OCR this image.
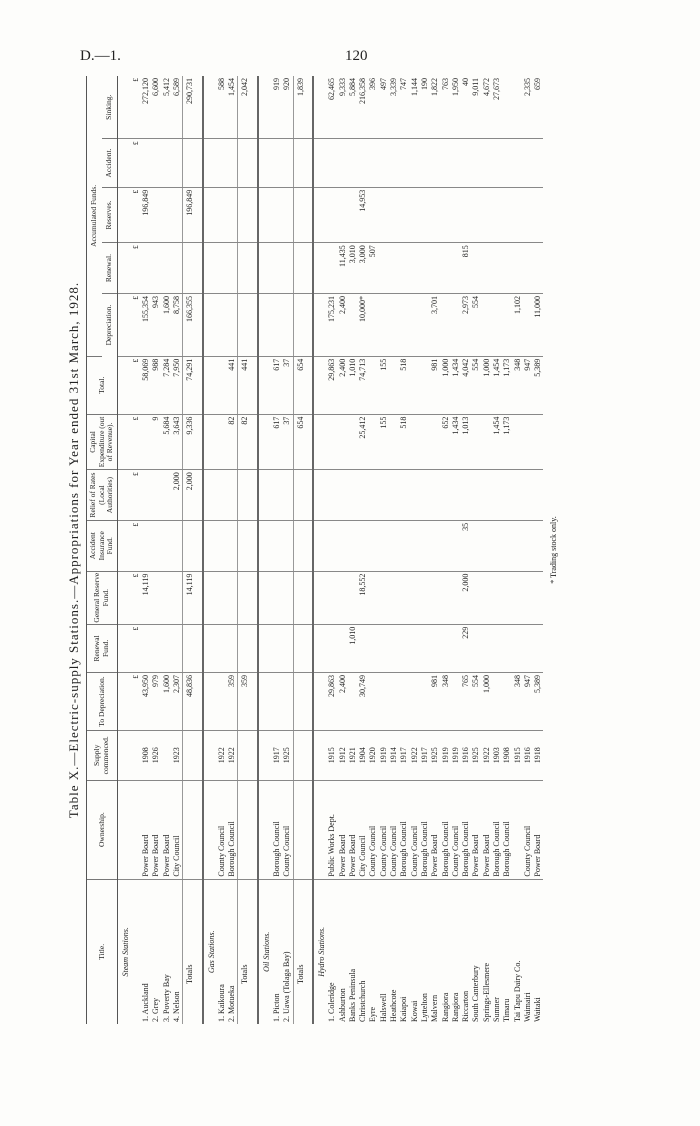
D.—1.	120
Table X.—Electric-supply Stations.—Appropriations for Year ended 31st March, 1928.
Title.	Ownership.	Supply commenced.	To Depreciation.	Renewal Fund.	General Reserve Fund.	Accident Insurance Fund.	Relief of Rates (Local Authorities)	Capital Expenditure (out of Revenue).	Total.	Accumulated Funds.				
										Depreciation.	Renewal.	Reserves.	Accident.	Sinking.
Steam Stations.														
			£	£	£	£	£	£	£	£	£	£	£	£
1. Auckland	Power Board	1908	43,950		14,119				58,069	155,354		196,849		272,120
2. Grey	Power Board	1926	979					9	988	943				6,600
3. Poverty Bay	Power Board		1,600					5,684	7,284	1,600				5,412
4. Nelson	City Council	1923	2,307				2,000	3,643	7,950	8,758				6,589
Totals			48,836		14,119		2,000	9,336	74,291	166,355		196,849		290,731

Gas Stations.														
1. Kaikoura	County Council	1922												588
2. Motueka	Borough Council	1922	359					82	441					1,454
Totals			359					82	441					2,042

Oil Stations.														
1. Picton	Borough Council	1917						617	617					919
2. Uawa (Tolaga Bay)	County Council	1925						37	37					920
Totals								654	654					1,839

Hydro Stations.														
1. Coleridge	Public Works Dept.	1915	29,863						29,863	175,231				62,465
Ashburton	Power Board	1912	2,400						2,400	2,400	11,435			9,333
Banks Peninsula	Power Board	1921		1,010					1,010		3,010			5,884
Christchurch	City Council	1904	30,749		18,552			25,412	74,713	10,000*	3,000	14,953		216,358
Eyre	County Council	1920									507			396
Halswell	County Council	1919						155	155					497
Heathcote	County Council	1914												3,339
Kaiapoi	Borough Council	1917						518	518					747
Kowai	County Council	1922												1,144
Lyttelton	Borough Council	1917												190
Malvern	Power Board	1925	981						981	3,701				1,822
Rangiora	Borough Council	1919	348					652	1,000					763
Rangiora	County Council	1919						1,434	1,434					1,950
Riccarton	Borough Council	1916	765	229	2,000	35		1,013	4,042	2,973	815			40
South Canterbury	Power Board	1925	554						554	554				9,011
Springs-Ellesmere	Power Board	1922	1,000						1,000					4,672
Sumner	Borough Council	1903						1,454	1,454					27,673
Timaru	Borough Council	1908						1,173	1,173					
Tai Tapu Dairy Co.		1915	348						348	1,102				
Waimairi	County Council	1916	947						947					2,335
Waitaki	Power Board	1918	5,389						5,389	11,000				659
* Trading stock only.
